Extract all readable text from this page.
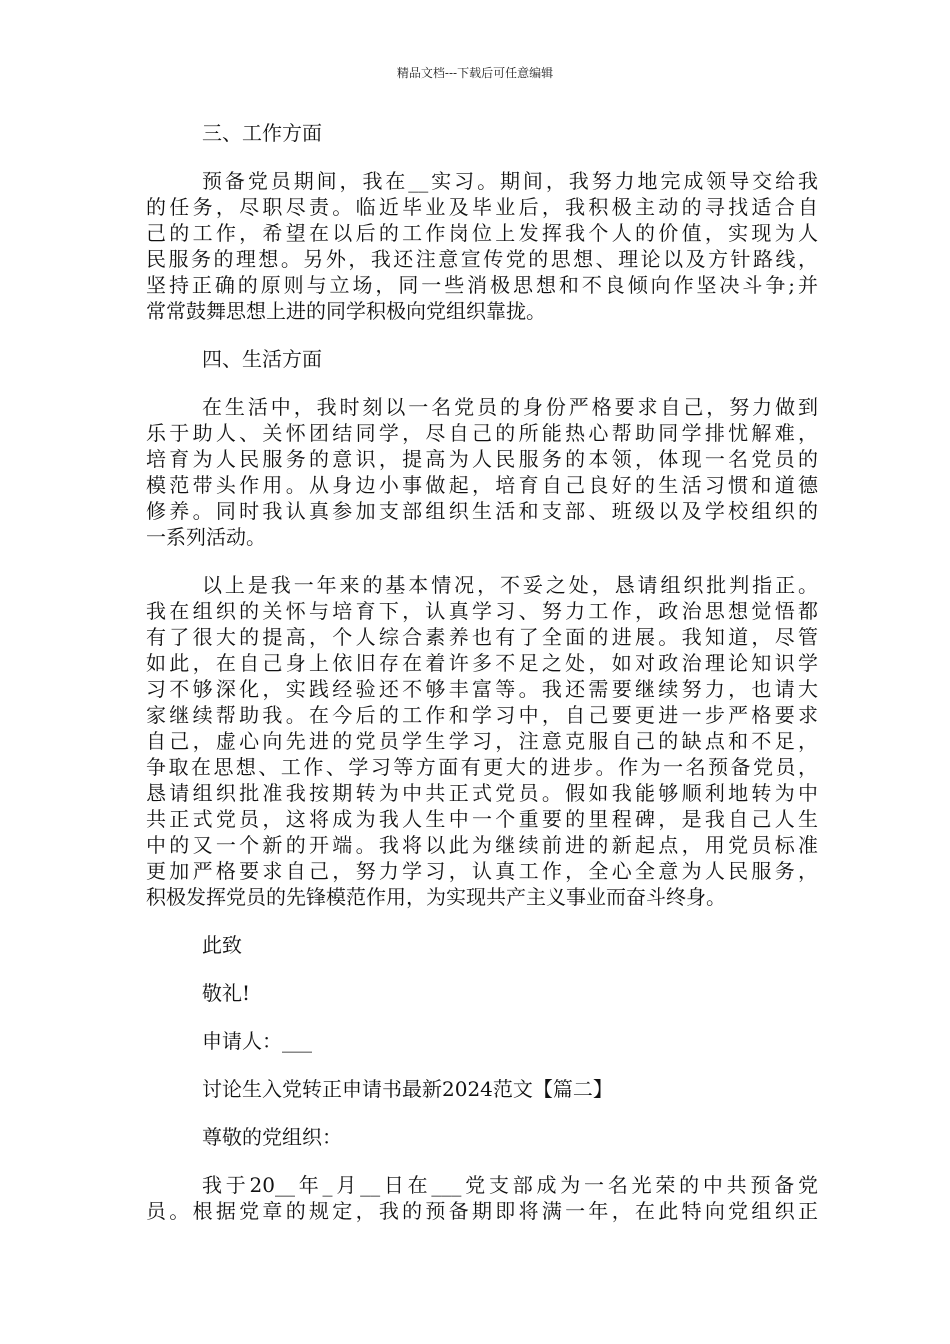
精品文档---下载后可任意编辑
三、工作方面
预备党员期间，我在__实习。期间，我努力地完成领导交给我
的任务，尽职尽责。临近毕业及毕业后，我积极主动的寻找适合自
己的工作，希望在以后的工作岗位上发挥我个人的价值，实现为人
民服务的理想。另外，我还注意宣传党的思想、理论以及方针路线，
坚持正确的原则与立场，同一些消极思想和不良倾向作坚决斗争;并
常常鼓舞思想上进的同学积极向党组织靠拢。
四、生活方面
在生活中，我时刻以一名党员的身份严格要求自己，努力做到
乐于助人、关怀团结同学，尽自己的所能热心帮助同学排忧解难，
培育为人民服务的意识，提高为人民服务的本领，体现一名党员的
模范带头作用。从身边小事做起，培育自己良好的生活习惯和道德
修养。同时我认真参加支部组织生活和支部、班级以及学校组织的
一系列活动。
以上是我一年来的基本情况，不妥之处，恳请组织批判指正。
我在组织的关怀与培育下，认真学习、努力工作，政治思想觉悟都
有了很大的提高，个人综合素养也有了全面的进展。我知道，尽管
如此，在自己身上依旧存在着许多不足之处，如对政治理论知识学
习不够深化，实践经验还不够丰富等。我还需要继续努力，也请大
家继续帮助我。在今后的工作和学习中，自己要更进一步严格要求
自己，虚心向先进的党员学生学习，注意克服自己的缺点和不足，
争取在思想、工作、学习等方面有更大的进步。作为一名预备党员，
恳请组织批准我按期转为中共正式党员。假如我能够顺利地转为中
共正式党员，这将成为我人生中一个重要的里程碑，是我自己人生
中的又一个新的开端。我将以此为继续前进的新起点，用党员标准
更加严格要求自己，努力学习，认真工作，全心全意为人民服务，
积极发挥党员的先锋模范作用，为实现共产主义事业而奋斗终身。
此致
敬礼!
申请人：___
讨论生入党转正申请书最新2024范文【篇二】
尊敬的党组织：
我于20__年_月__日在___党支部成为一名光荣的中共预备党
员。根据党章的规定，我的预备期即将满一年，在此特向党组织正
